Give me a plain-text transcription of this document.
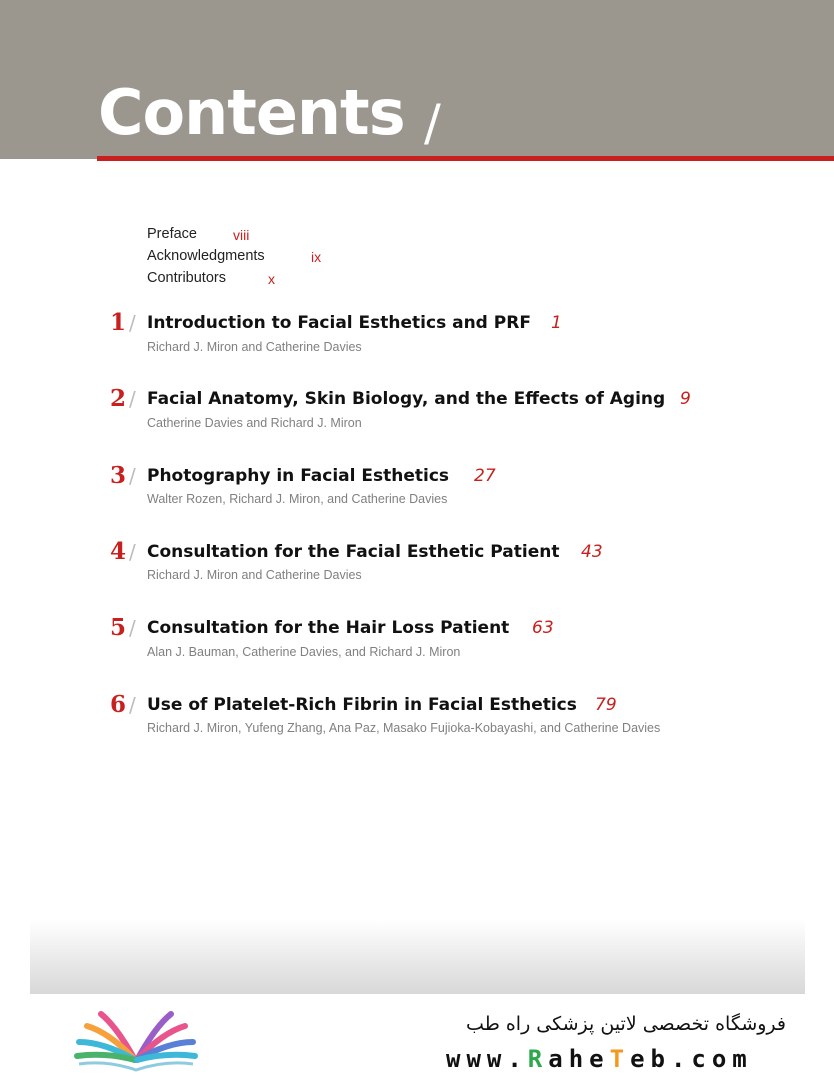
Contents /
Preface	viii
Acknowledgments	ix
Contributors	x
1 / Introduction to Facial Esthetics and PRF 1
Richard J. Miron and Catherine Davies
2 / Facial Anatomy, Skin Biology, and the Effects of Aging 9
Catherine Davies and Richard J. Miron
3 / Photography in Facial Esthetics 27
Walter Rozen, Richard J. Miron, and Catherine Davies
4 / Consultation for the Facial Esthetic Patient 43
Richard J. Miron and Catherine Davies
5 / Consultation for the Hair Loss Patient 63
Alan J. Bauman, Catherine Davies, and Richard J. Miron
6 / Use of Platelet-Rich Fibrin in Facial Esthetics 79
Richard J. Miron, Yufeng Zhang, Ana Paz, Masako Fujioka-Kobayashi, and Catherine Davies
فروشگاه تخصصی لاتین پزشکی راه طب
www.RaheTeb.com
